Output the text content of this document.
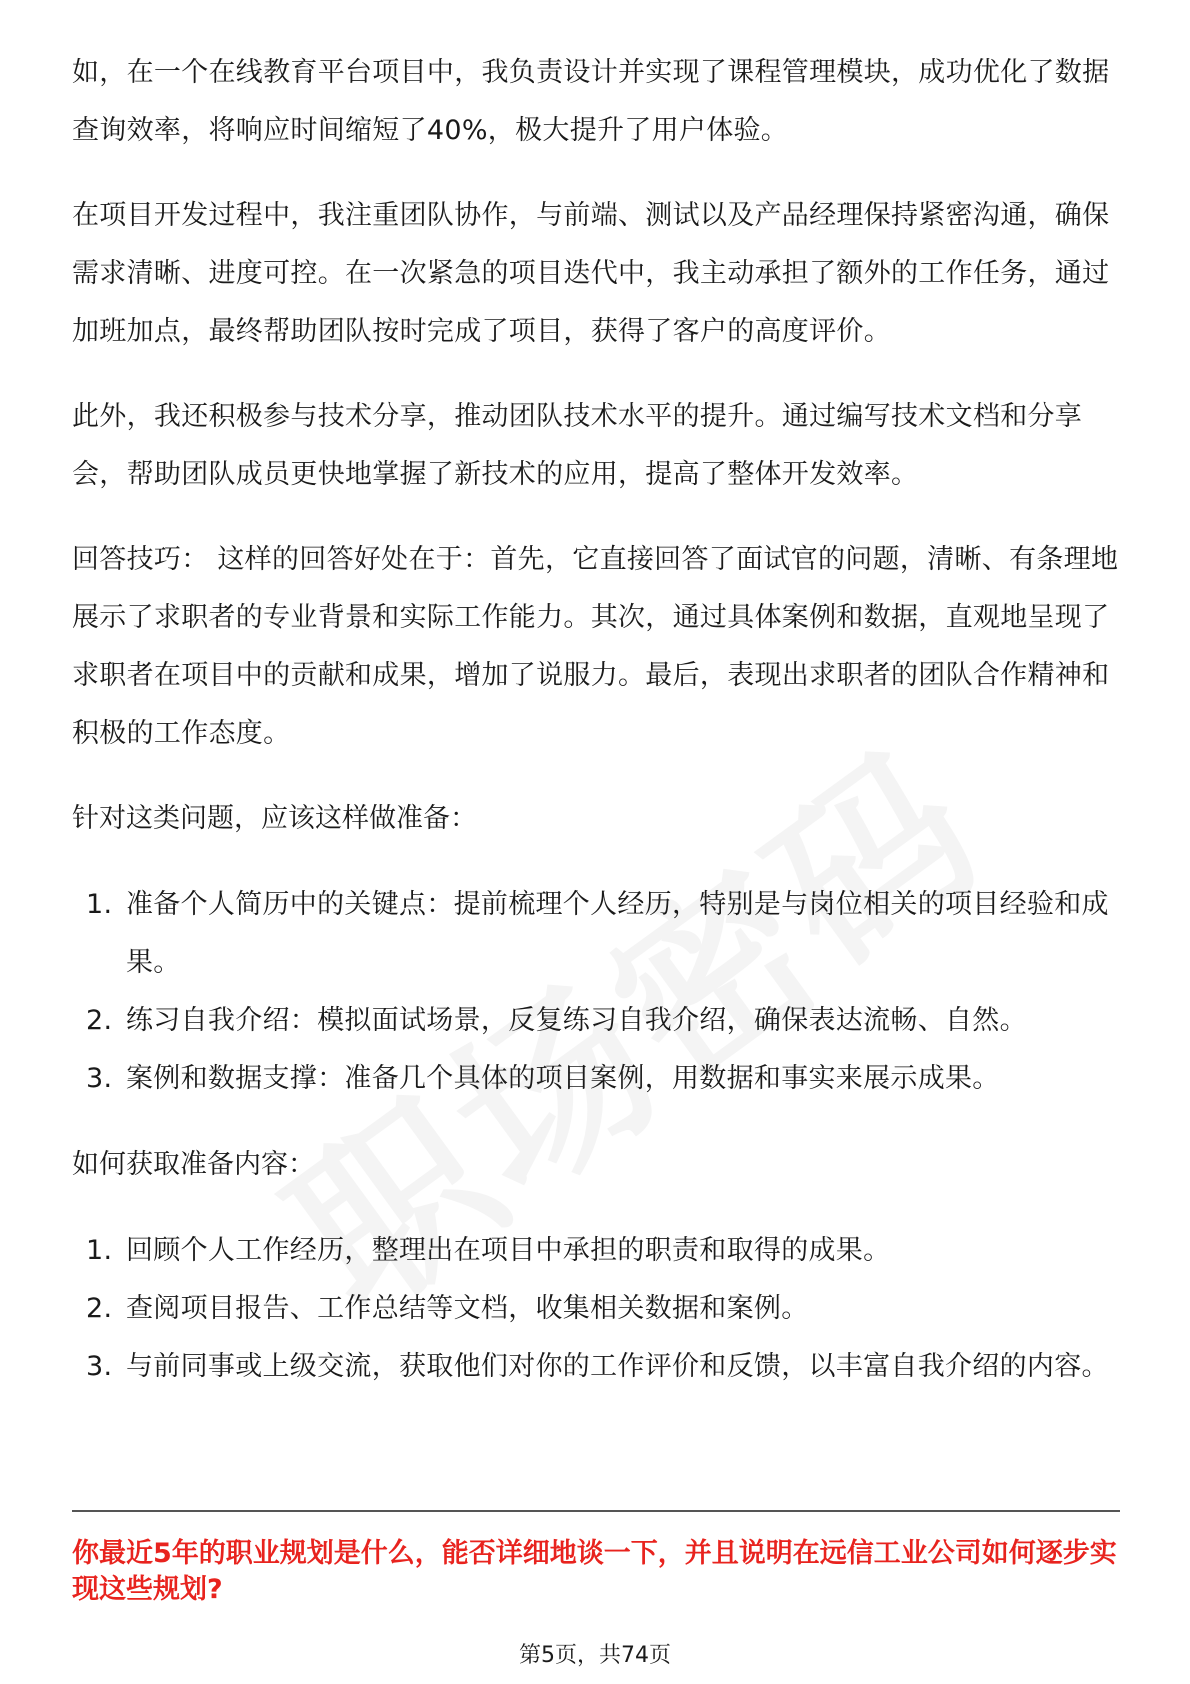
如，在一个在线教育平台项目中，我负责设计并实现了课程管理模块，成功优化了数据查询效率，将响应时间缩短了40%，极大提升了用户体验。

在项目开发过程中，我注重团队协作，与前端、测试以及产品经理保持紧密沟通，确保需求清晰、进度可控。在一次紧急的项目迭代中，我主动承担了额外的工作任务，通过加班加点，最终帮助团队按时完成了项目，获得了客户的高度评价。

此外，我还积极参与技术分享，推动团队技术水平的提升。通过编写技术文档和分享会，帮助团队成员更快地掌握了新技术的应用，提高了整体开发效率。

回答技巧： 这样的回答好处在于：首先，它直接回答了面试官的问题，清晰、有条理地展示了求职者的专业背景和实际工作能力。其次，通过具体案例和数据，直观地呈现了求职者在项目中的贡献和成果，增加了说服力。最后，表现出求职者的团队合作精神和积极的工作态度。

针对这类问题，应该这样做准备：

1. 准备个人简历中的关键点：提前梳理个人经历，特别是与岗位相关的项目经验和成果。
2. 练习自我介绍：模拟面试场景，反复练习自我介绍，确保表达流畅、自然。
3. 案例和数据支撑：准备几个具体的项目案例，用数据和事实来展示成果。

如何获取准备内容：

1. 回顾个人工作经历，整理出在项目中承担的职责和取得的成果。
2. 查阅项目报告、工作总结等文档，收集相关数据和案例。
3. 与前同事或上级交流，获取他们对你的工作评价和反馈，以丰富自我介绍的内容。
你最近5年的职业规划是什么，能否详细地谈一下，并且说明在远信工业公司如何逐步实现这些规划?
第5页，共74页
